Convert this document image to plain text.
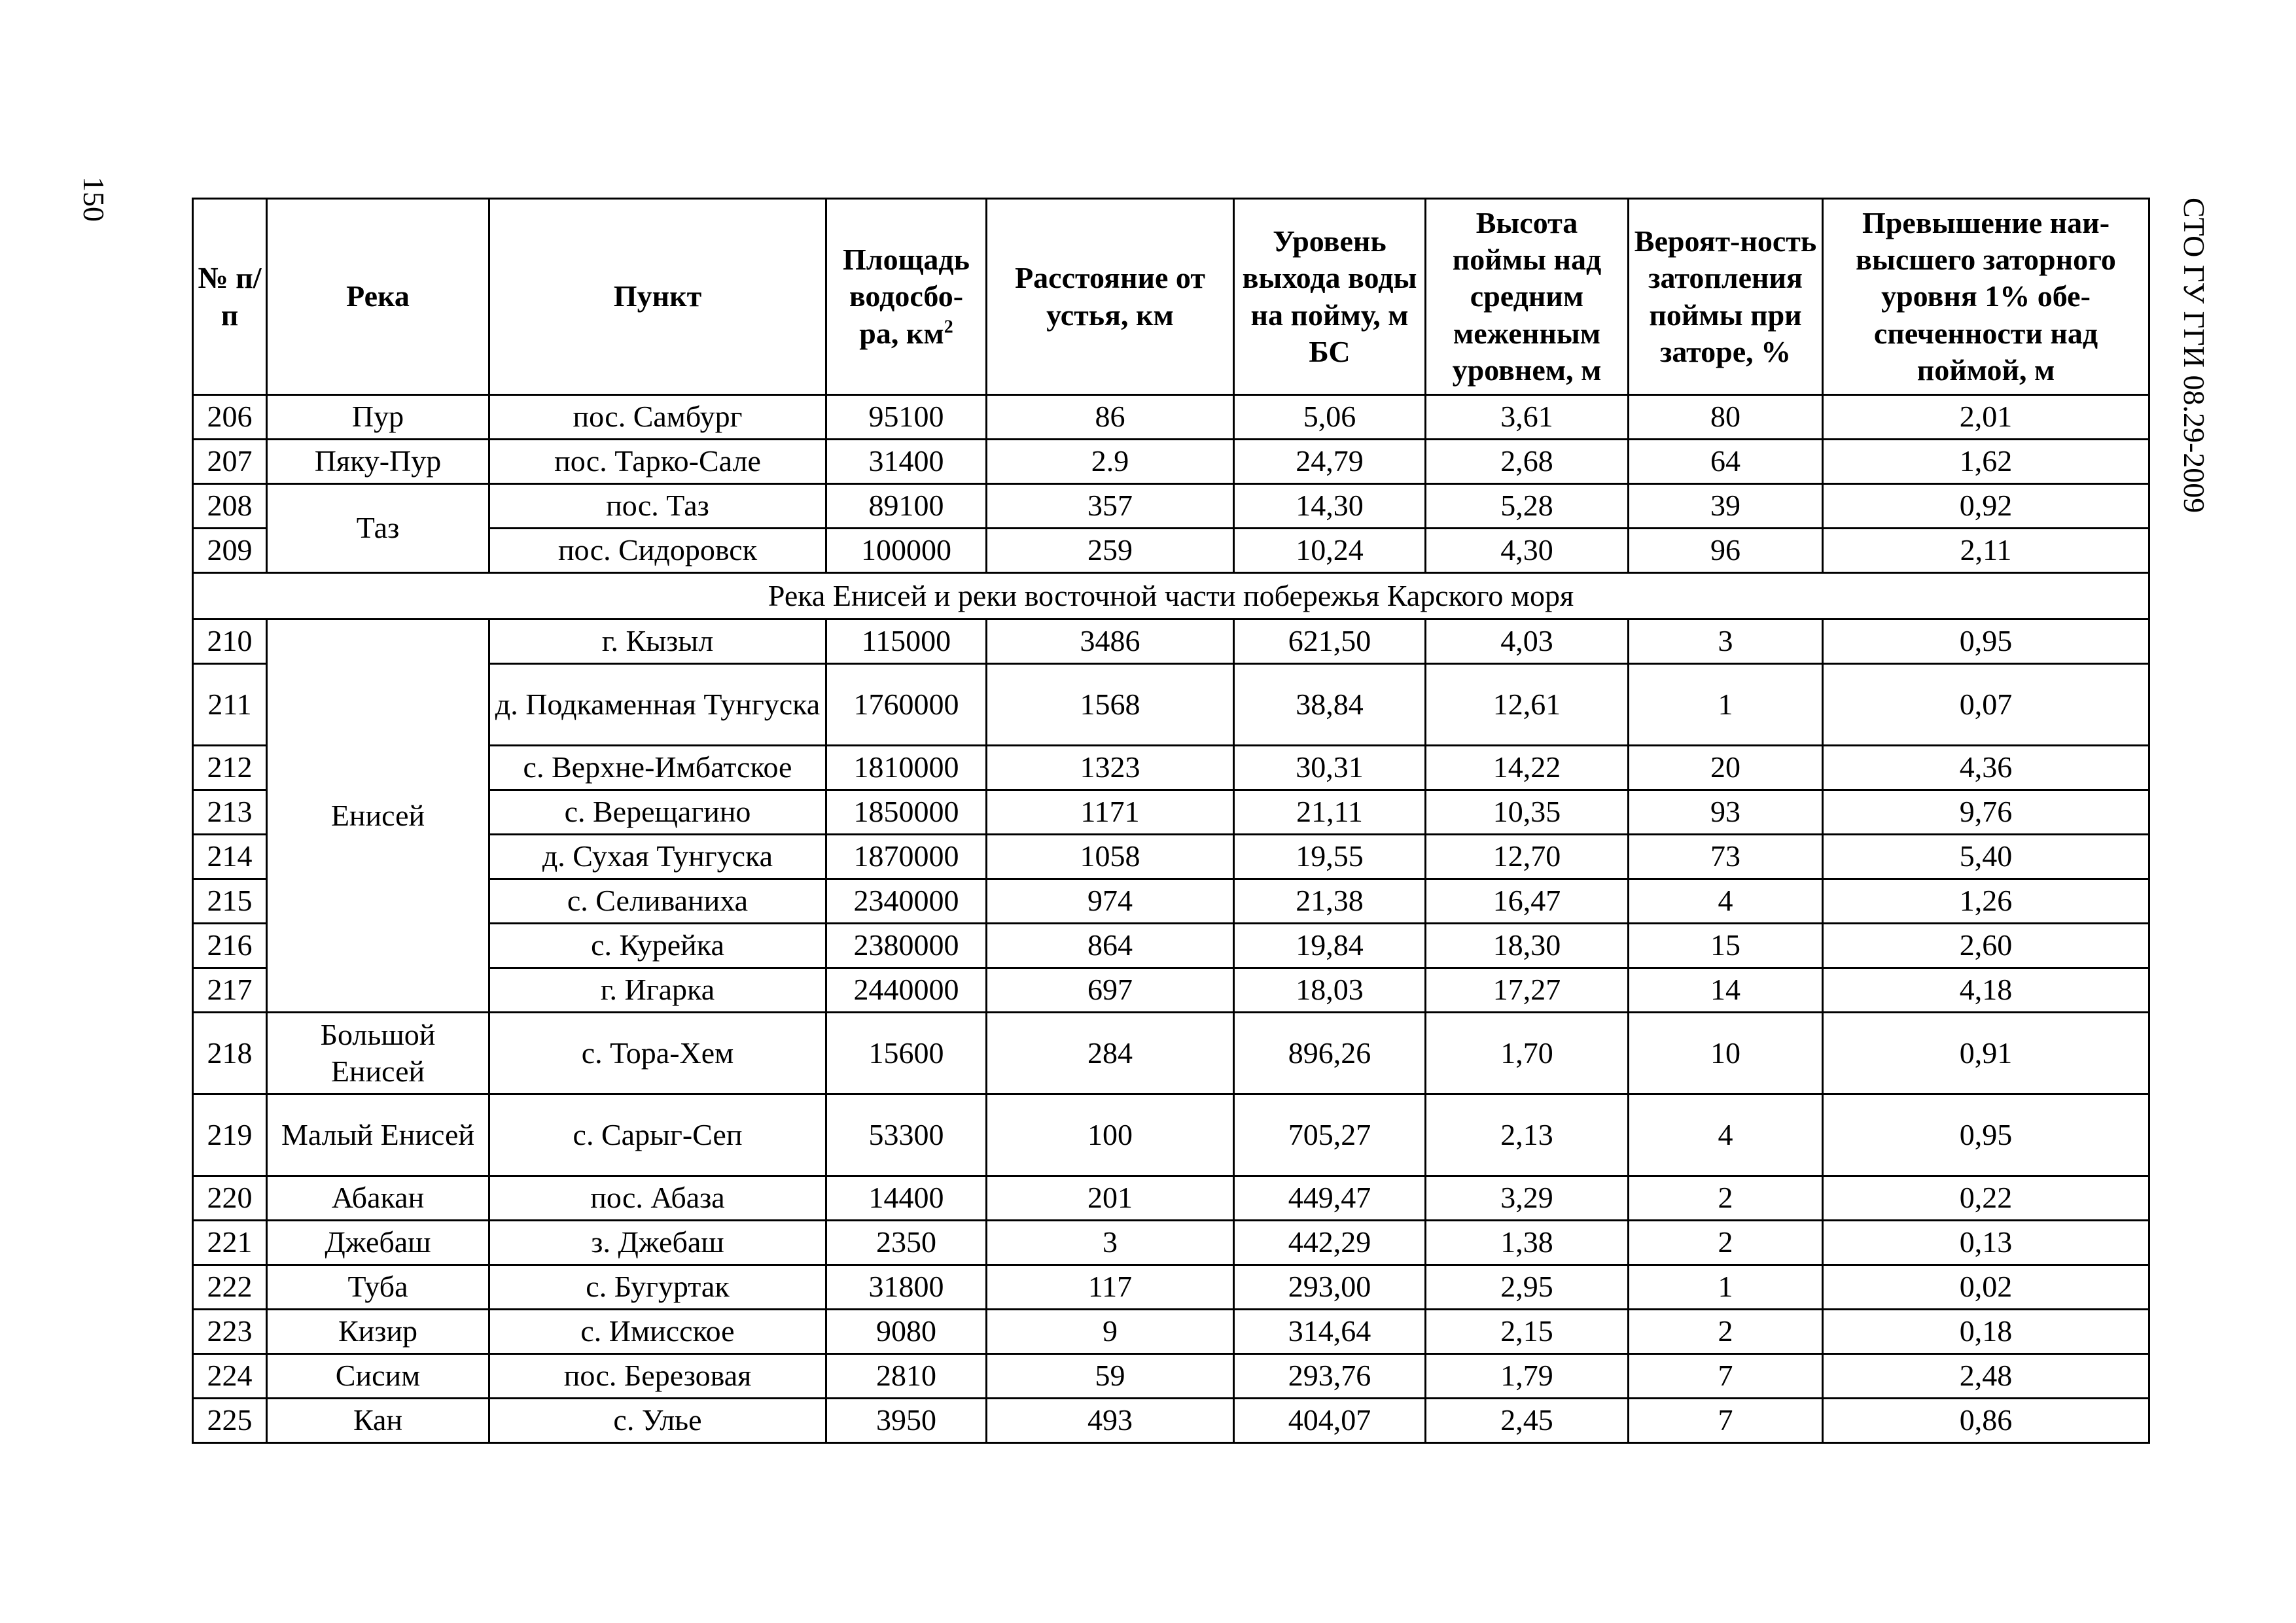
150	СТО ГУ ГГИ 08.29-2009
№ п/п	Река	Пункт	Площадь водосбо-ра, $км^2$	Расстояние от устья, км	Уровень выхода воды на пойму, м БС	Высота поймы над средним меженным уровнем, м	Вероят-ность затопления поймы при заторе, %	Превышение наи-высшего заторного уровня 1% обе-спеченности над поймой, м
206	Пур	пос. Самбург	95100	86	5,06	3,61	80	2,01
207	Пяку-Пур	пос. Тарко-Сале	31400	2.9	24,79	2,68	64	1,62
208	Таз	пос. Таз	89100	357	14,30	5,28	39	0,92
209		пос. Сидоровск	100000	259	10,24	4,30	96	2,11
Река Енисей и реки восточной части побережья Карского моря								
210	Енисей	г. Кызыл	115000	3486	621,50	4,03	3	0,95
211		д. Подкаменная Тунгуска	1760000	1568	38,84	12,61	1	0,07
212		с. Верхне-Имбатское	1810000	1323	30,31	14,22	20	4,36
213		с. Верещагино	1850000	1171	21,11	10,35	93	9,76
214		д. Сухая Тунгуска	1870000	1058	19,55	12,70	73	5,40
215		с. Селиваниха	2340000	974	21,38	16,47	4	1,26
216		с. Курейка	2380000	864	19,84	18,30	15	2,60
217		г. Игарка	2440000	697	18,03	17,27	14	4,18
218	Большой Енисей	с. Тора-Хем	15600	284	896,26	1,70	10	0,91
219	Малый Енисей	с. Сарыг-Сеп	53300	100	705,27	2,13	4	0,95
220	Абакан	пос. Абаза	14400	201	449,47	3,29	2	0,22
221	Джебаш	з. Джебаш	2350	3	442,29	1,38	2	0,13
222	Туба	с. Бугуртак	31800	117	293,00	2,95	1	0,02
223	Кизир	с. Имисское	9080	9	314,64	2,15	2	0,18
224	Сисим	пос. Березовая	2810	59	293,76	1,79	7	2,48
225	Кан	с. Улье	3950	493	404,07	2,45	7	0,86
